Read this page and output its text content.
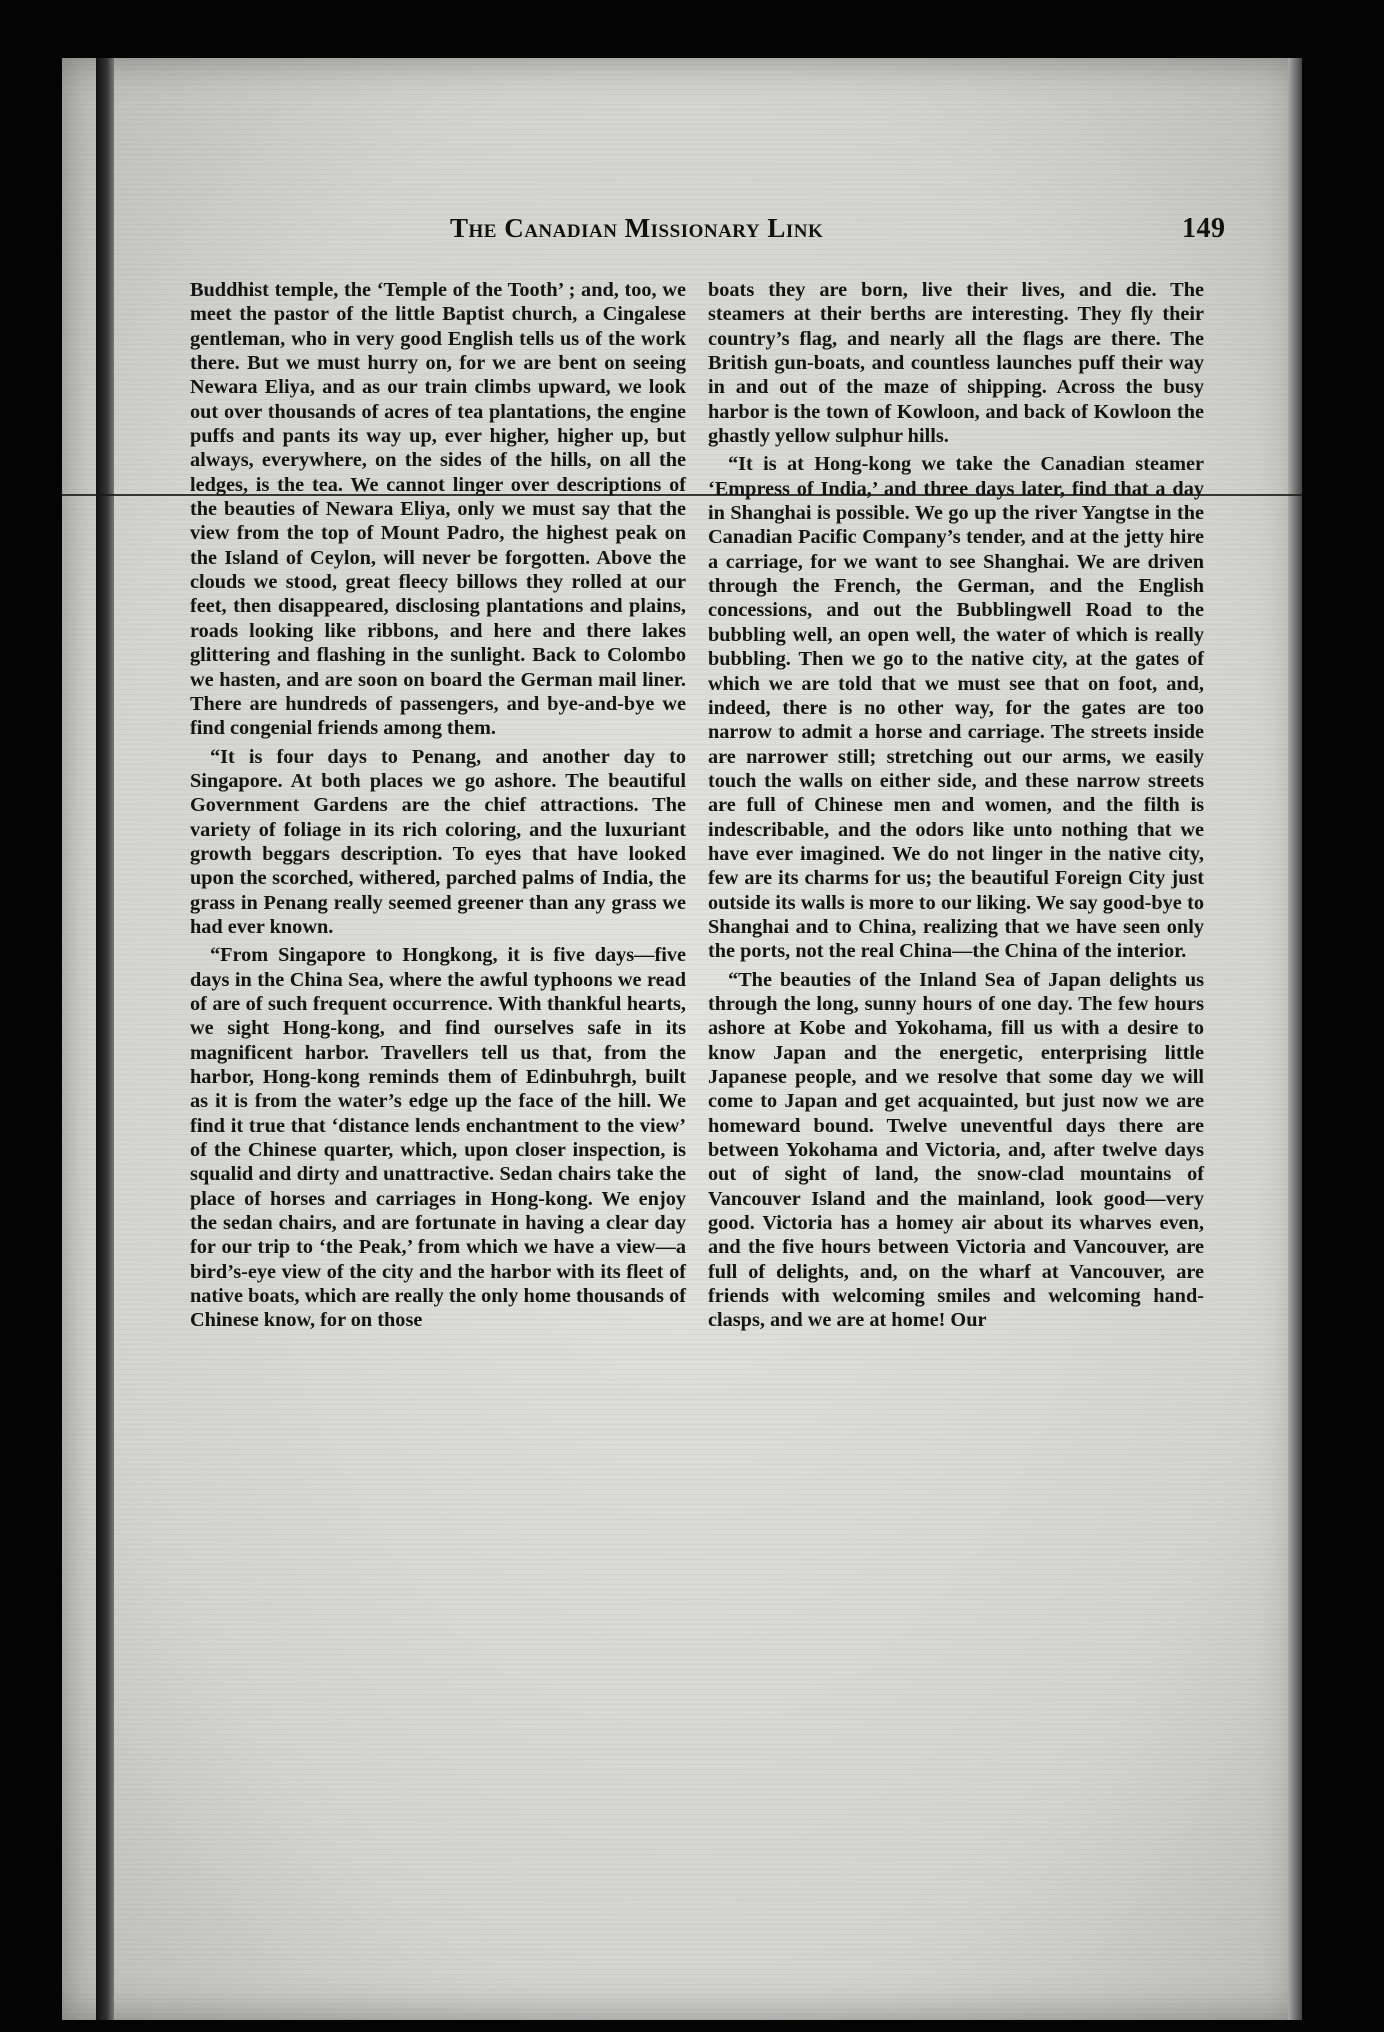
The Canadian Missionary Link	149

Buddhist temple, the ‘Temple of the Tooth’ ; and, too, we meet the pastor of the little Baptist church, a Cingalese gentleman, who in very good English tells us of the work there. But we must hurry on, for we are bent on seeing Newara Eliya, and as our train climbs upward, we look out over thousands of acres of tea plantations, the engine puffs and pants its way up, ever higher, higher up, but always, everywhere, on the sides of the hills, on all the ledges, is the tea. We cannot linger over descriptions of the beauties of Newara Eliya, only we must say that the view from the top of Mount Padro, the highest peak on the Island of Ceylon, will never be forgotten. Above the clouds we stood, great fleecy billows they rolled at our feet, then disappeared, disclosing plantations and plains, roads looking like ribbons, and here and there lakes glittering and flashing in the sunlight. Back to Colombo we hasten, and are soon on board the German mail liner. There are hundreds of passengers, and bye-and-bye we find congenial friends among them.

“It is four days to Penang, and another day to Singapore. At both places we go ashore. The beautiful Government Gardens are the chief attractions. The variety of foliage in its rich coloring, and the luxuriant growth beggars description. To eyes that have looked upon the scorched, withered, parched palms of India, the grass in Penang really seemed greener than any grass we had ever known.

“From Singapore to Hongkong, it is five days—five days in the China Sea, where the awful typhoons we read of are of such frequent occurrence. With thankful hearts, we sight Hong-kong, and find ourselves safe in its magnificent harbor. Travellers tell us that, from the harbor, Hong-kong reminds them of Edinbuhrgh, built as it is from the water’s edge up the face of the hill. We find it true that ‘distance lends enchantment to the view’ of the Chinese quarter, which, upon closer inspection, is squalid and dirty and unattractive. Sedan chairs take the place of horses and carriages in Hong-kong. We enjoy the sedan chairs, and are fortunate in having a clear day for our trip to ‘the Peak,’ from which we have a view—a bird’s-eye view of the city and the harbor with its fleet of native boats, which are really the only home thousands of Chinese know, for on those

boats they are born, live their lives, and die. The steamers at their berths are interesting. They fly their country’s flag, and nearly all the flags are there. The British gun-boats, and countless launches puff their way in and out of the maze of shipping. Across the busy harbor is the town of Kowloon, and back of Kowloon the ghastly yellow sulphur hills.

“It is at Hong-kong we take the Canadian steamer ‘Empress of India,’ and three days later, find that a day in Shanghai is possible. We go up the river Yangtse in the Canadian Pacific Company’s tender, and at the jetty hire a carriage, for we want to see Shanghai. We are driven through the French, the German, and the English concessions, and out the Bubblingwell Road to the bubbling well, an open well, the water of which is really bubbling. Then we go to the native city, at the gates of which we are told that we must see that on foot, and, indeed, there is no other way, for the gates are too narrow to admit a horse and carriage. The streets inside are narrower still; stretching out our arms, we easily touch the walls on either side, and these narrow streets are full of Chinese men and women, and the filth is indescribable, and the odors like unto nothing that we have ever imagined. We do not linger in the native city, few are its charms for us; the beautiful Foreign City just outside its walls is more to our liking. We say good-bye to Shanghai and to China, realizing that we have seen only the ports, not the real China—the China of the interior.

“The beauties of the Inland Sea of Japan delights us through the long, sunny hours of one day. The few hours ashore at Kobe and Yokohama, fill us with a desire to know Japan and the energetic, enterprising little Japanese people, and we resolve that some day we will come to Japan and get acquainted, but just now we are homeward bound. Twelve uneventful days there are between Yokohama and Victoria, and, after twelve days out of sight of land, the snow-clad mountains of Vancouver Island and the mainland, look good—very good. Victoria has a homey air about its wharves even, and the five hours between Victoria and Vancouver, are full of delights, and, on the wharf at Vancouver, are friends with welcoming smiles and welcoming hand-clasps, and we are at home! Our
